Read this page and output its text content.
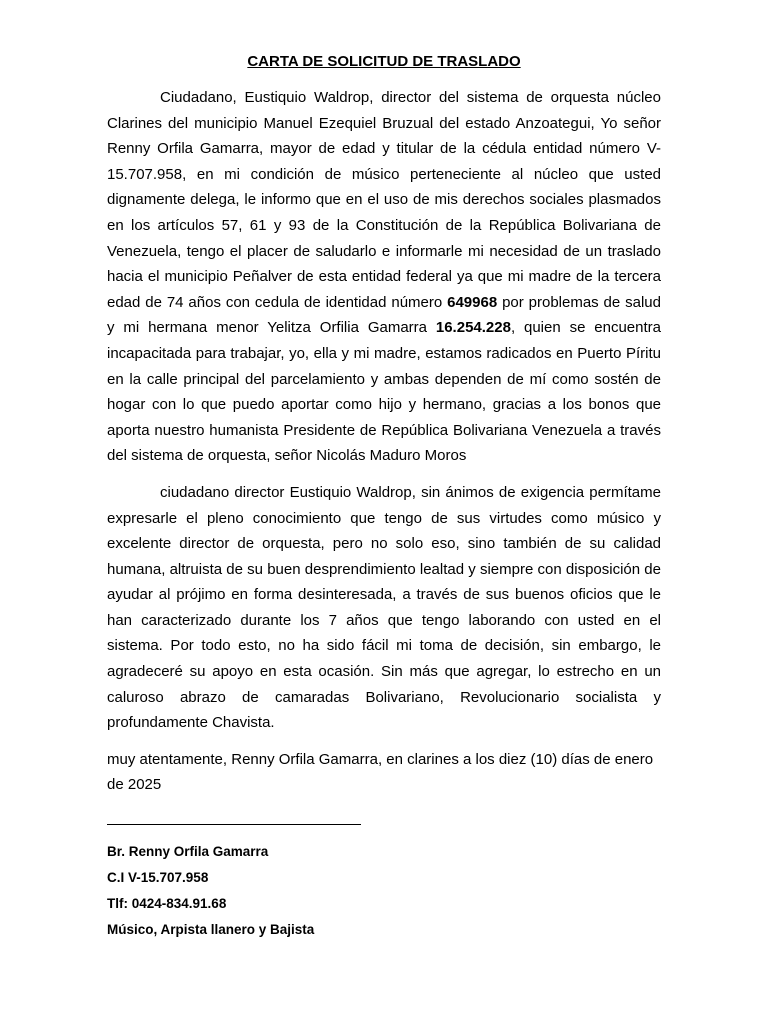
CARTA DE SOLICITUD DE TRASLADO

Ciudadano, Eustiquio Waldrop, director del sistema de orquesta núcleo Clarines del municipio Manuel Ezequiel Bruzual del estado Anzoategui, Yo señor Renny Orfila Gamarra, mayor de edad y titular de la cédula entidad número V- 15.707.958, en mi condición de músico perteneciente al núcleo que usted dignamente delega, le informo que en el uso de mis derechos sociales plasmados en los artículos 57, 61 y 93 de la Constitución de la República Bolivariana de Venezuela, tengo el placer de saludarlo e informarle mi necesidad de un traslado hacia el municipio Peñalver de esta entidad federal ya que mi madre de la tercera edad de 74 años con cedula de identidad número 649968 por problemas de salud y mi hermana menor Yelitza Orfilia Gamarra 16.254.228, quien se encuentra incapacitada para trabajar, yo, ella y mi madre, estamos radicados en Puerto Píritu en la calle principal del parcelamiento y ambas dependen de mí como sostén de hogar con lo que puedo aportar como hijo y hermano, gracias a los bonos que aporta nuestro humanista Presidente de República Bolivariana Venezuela a través del sistema de orquesta, señor Nicolás Maduro Moros

ciudadano director Eustiquio Waldrop, sin ánimos de exigencia permítame expresarle el pleno conocimiento que tengo de sus virtudes como músico y excelente director de orquesta, pero no solo eso, sino también de su calidad humana, altruista de su buen desprendimiento lealtad y siempre con disposición de ayudar al prójimo en forma desinteresada, a través de sus buenos oficios que le han caracterizado durante los 7 años que tengo laborando con usted en el sistema. Por todo esto, no ha sido fácil mi toma de decisión, sin embargo, le agradeceré su apoyo en esta ocasión. Sin más que agregar, lo estrecho en un caluroso abrazo de camaradas Bolivariano, Revolucionario socialista y profundamente Chavista.

muy atentamente, Renny Orfila Gamarra, en clarines a los diez (10) días de enero de 2025

Br. Renny Orfila Gamarra
C.I V-15.707.958
Tlf: 0424-834.91.68
Músico, Arpista llanero y Bajista
